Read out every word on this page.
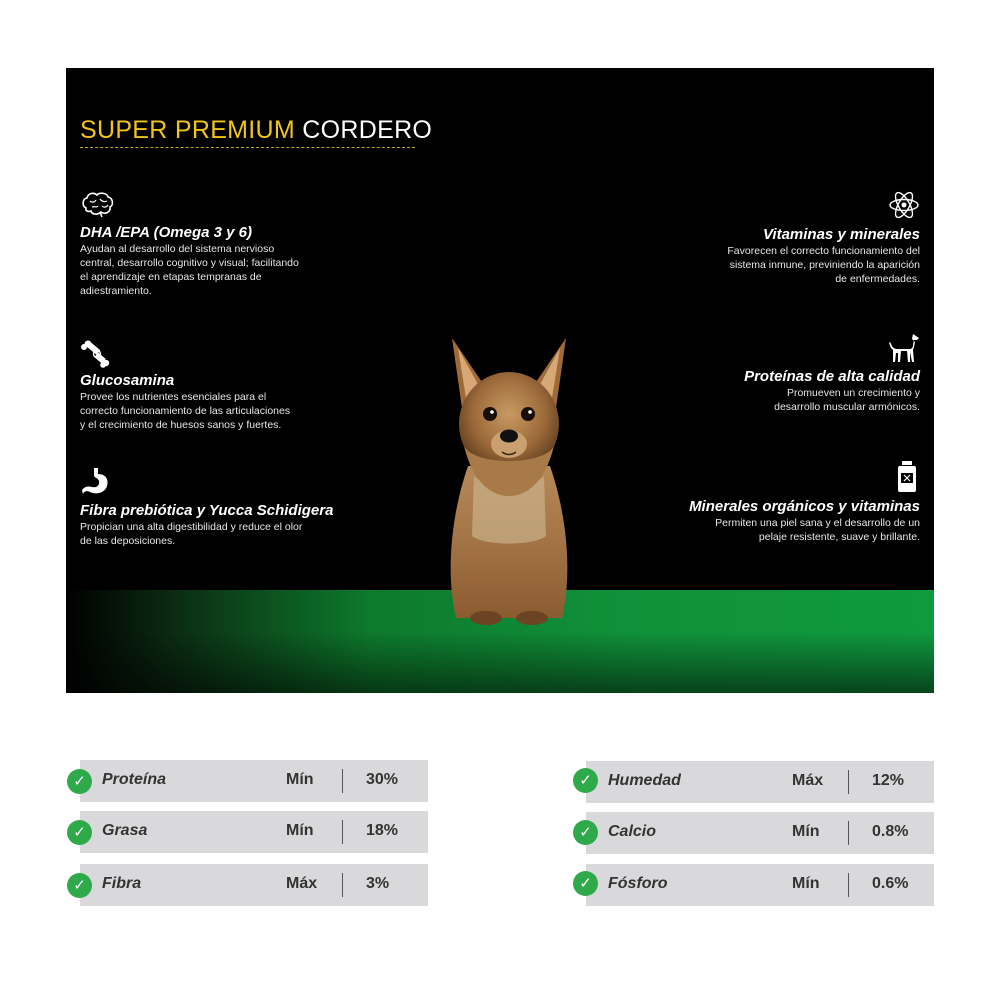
SUPER PREMIUM CORDERO
DHA /EPA (Omega 3 y 6)
Ayudan al desarrollo del sistema nervioso
central, desarrollo cognitivo y visual; facilitando
el aprendizaje en etapas tempranas de
adiestramiento.
Glucosamina
Provee los nutrientes esenciales para el
correcto funcionamiento de las articulaciones
y el crecimiento de huesos sanos y fuertes.
Fibra prebiótica y Yucca Schidigera
Propician una alta digestibilidad y reduce el olor
de las deposiciones.
Vitaminas y minerales
Favorecen el correcto funcionamiento del
sistema inmune, previniendo la aparición
de enfermedades.
Proteínas de alta calidad
Promueven un crecimiento y
desarrollo muscular armónicos.
Minerales orgánicos y vitaminas
Permiten una piel sana y el desarrollo de un
pelaje resistente, suave y brillante.
Proteína	Mín	30%
✓
Grasa	Mín	18%
✓
Fibra	Máx	3%
✓
Humedad	Máx	12%
✓
Calcio	Mín	0.8%
✓
Fósforo	Mín	0.6%
✓
